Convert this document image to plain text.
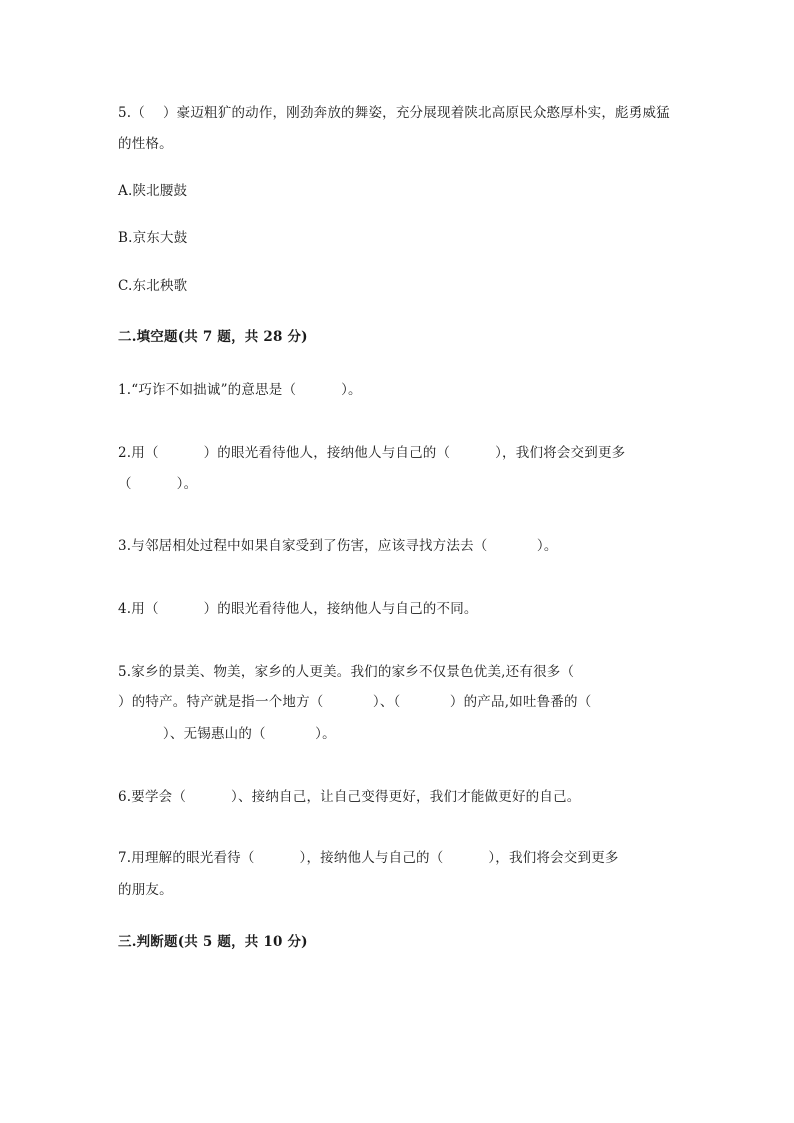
5.（    ）豪迈粗犷的动作，刚劲奔放的舞姿，充分展现着陕北高原民众憨厚朴实，彪勇威猛
的性格。
A.陕北腰鼓
B.京东大鼓
C.东北秧歌
二.填空题(共 7 题，共 28 分)
1.“巧诈不如拙诚”的意思是（          ）。
2.用（          ）的眼光看待他人，接纳他人与自己的（          ），我们将会交到更多
（          ）。
3.与邻居相处过程中如果自家受到了伤害，应该寻找方法去（           ）。
4.用（          ）的眼光看待他人，接纳他人与自己的不同。
5.家乡的景美、物美，家乡的人更美。我们的家乡不仅景色优美,还有很多（
）的特产。特产就是指一个地方（           ）、（           ）的产品,如吐鲁番的（
）、无锡惠山的（           ）。
6.要学会（          ）、接纳自己，让自己变得更好，我们才能做更好的自己。
7.用理解的眼光看待（          ），接纳他人与自己的（          ），我们将会交到更多
的朋友。
三.判断题(共 5 题，共 10 分)
